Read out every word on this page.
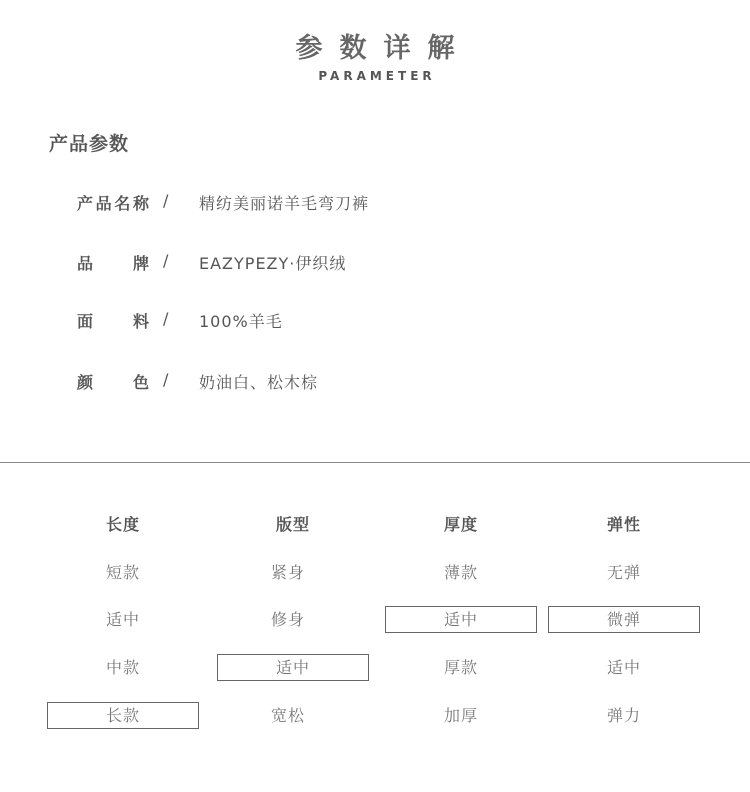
参数详解
PARAMETER
产品参数
产品名称 / 精纺美丽诺羊毛弯刀裤
品牌 / EAZYPEZY·伊织绒
面料 / 100%羊毛
颜色 / 奶油白、松木棕
长度
短款
适中
中款
长款
版型
紧身
修身
适中
宽松
厚度
薄款
适中
厚款
加厚
弹性
无弹
微弹
适中
弹力
